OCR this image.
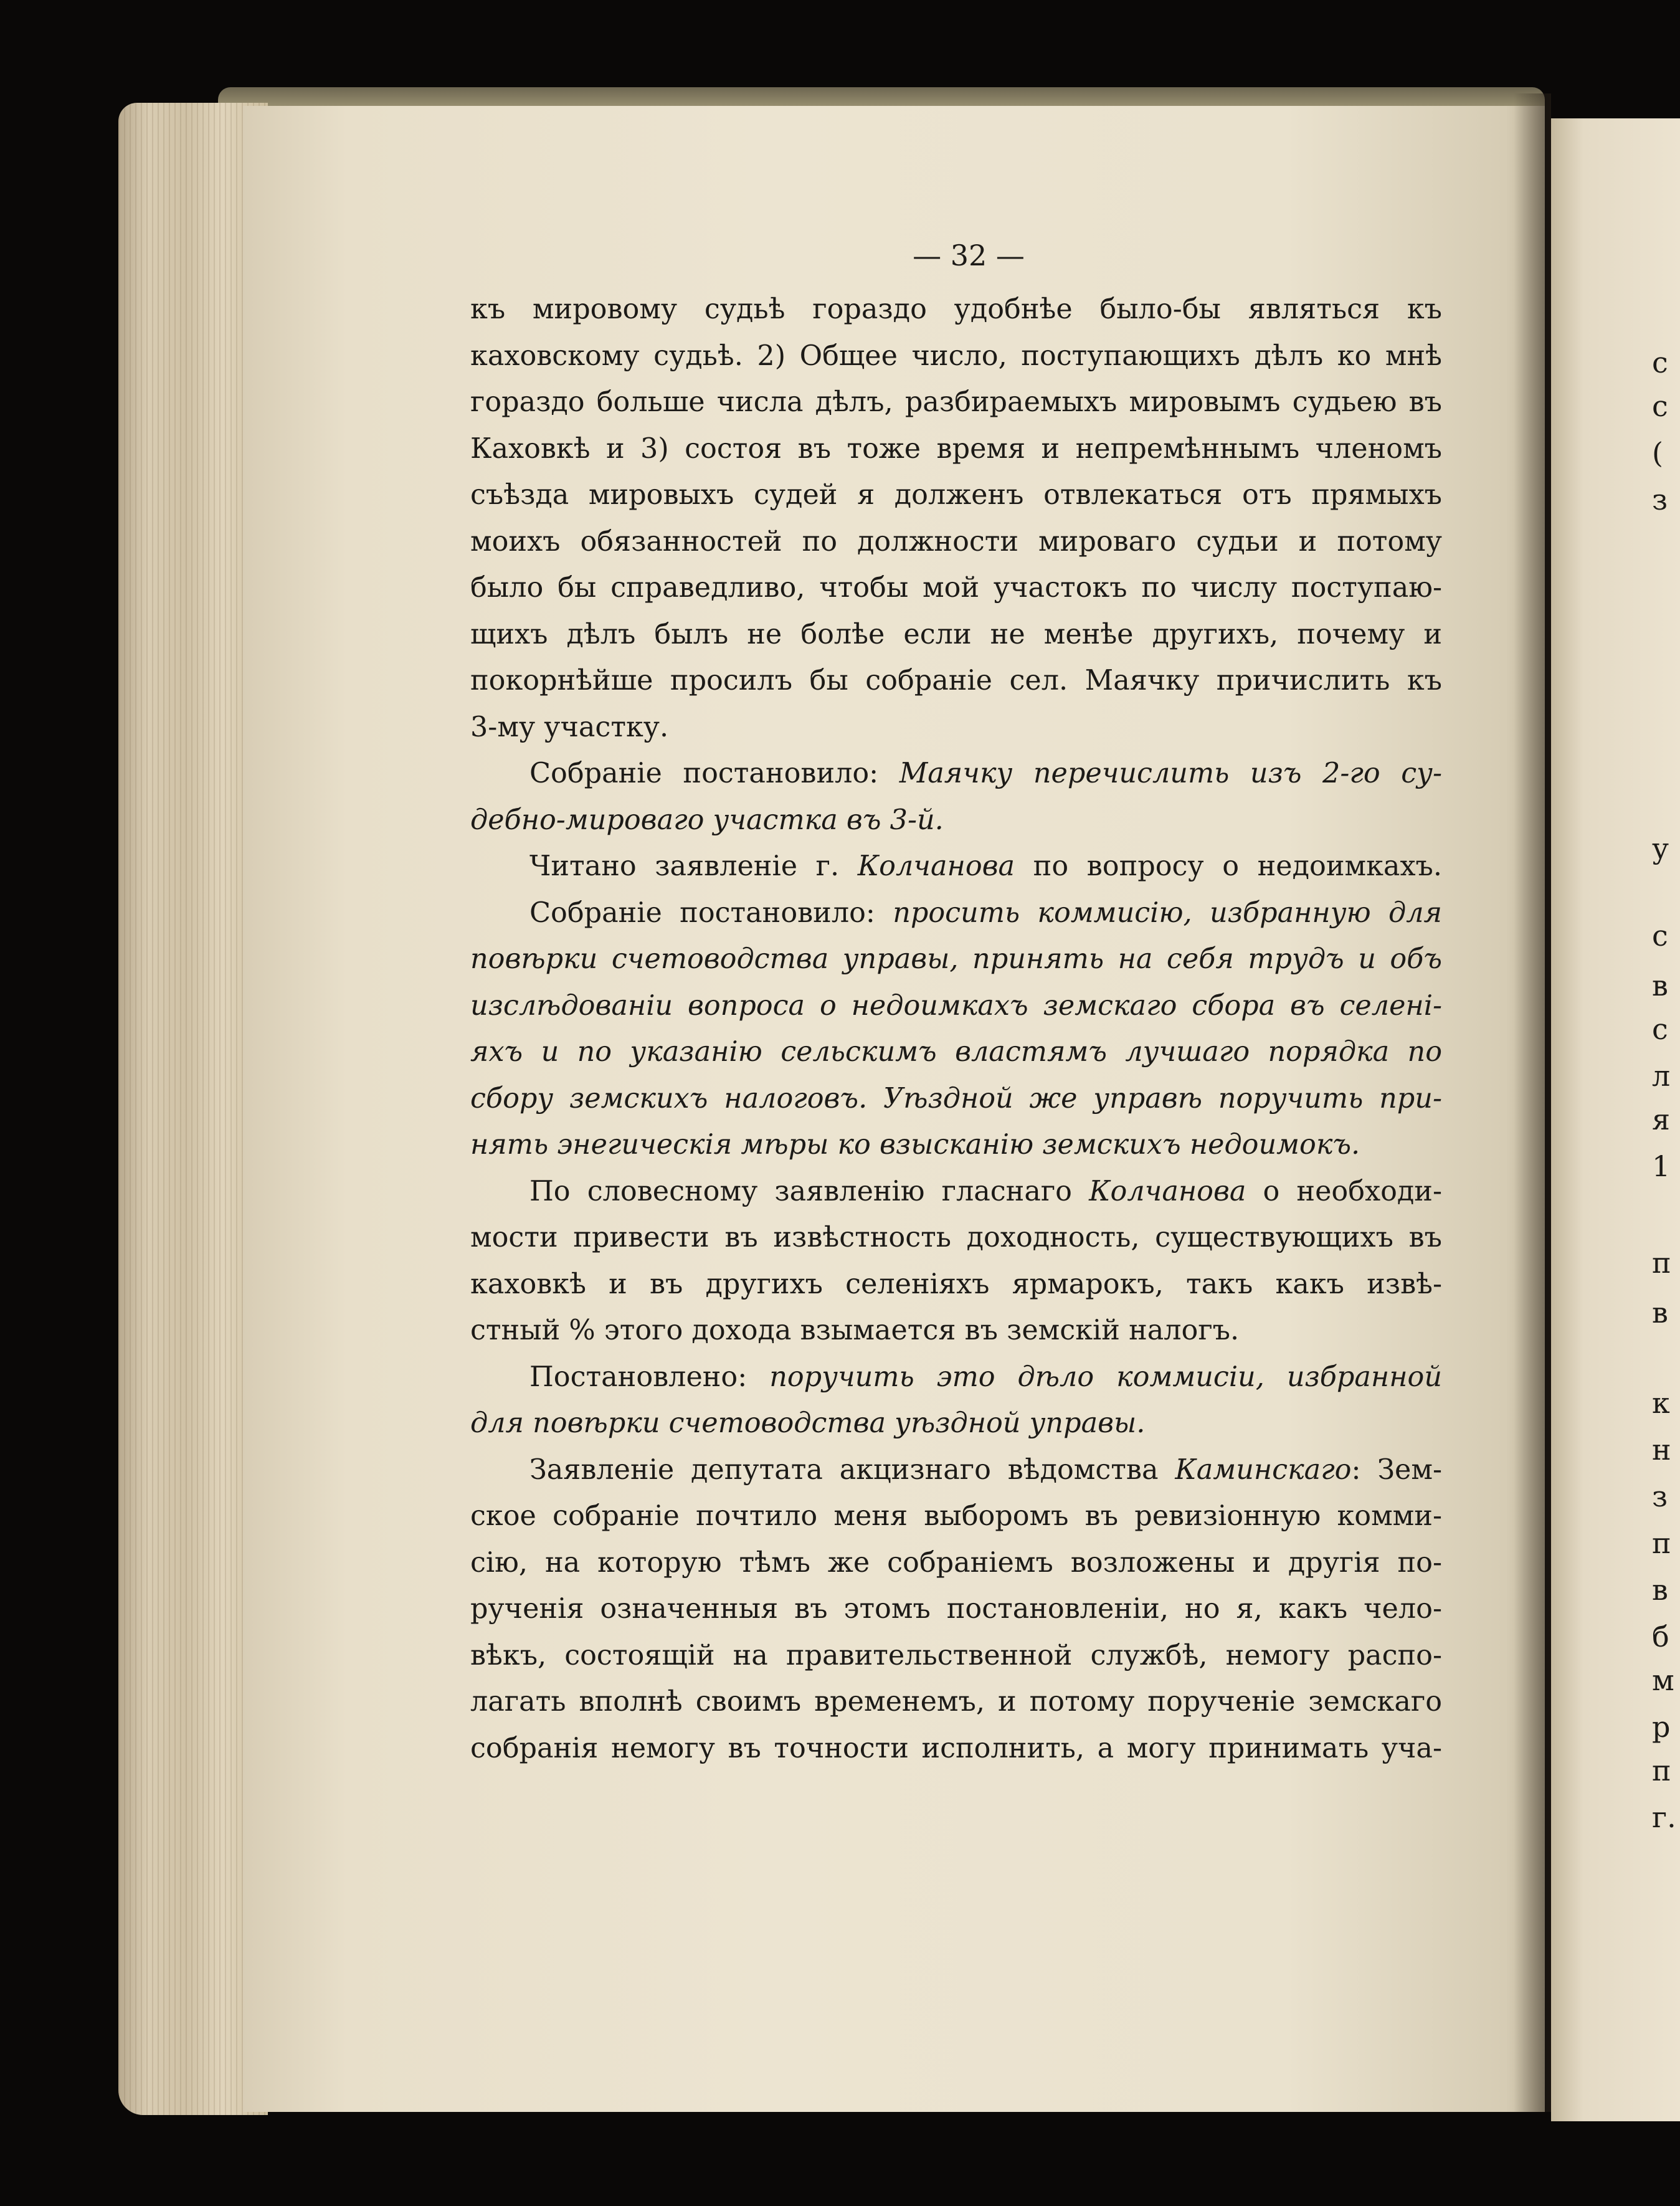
— 32 —
къ мировому судьѣ гораздо удобнѣе было-бы являться къ
каховскому судьѣ. 2) Общее число, поступающихъ дѣлъ ко мнѣ
гораздо больше числа дѣлъ, разбираемыхъ мировымъ судьею въ
Каховкѣ и 3) состоя въ тоже время и непремѣннымъ членомъ
съѣзда мировыхъ судей я долженъ отвлекаться отъ прямыхъ
моихъ обязанностей по должности мироваго судьи и потому
было бы справедливо, чтобы мой участокъ по числу поступаю-
щихъ дѣлъ былъ не болѣе если не менѣе другихъ, почему и
покорнѣйше просилъ бы собраніе сел. Маячку причислить къ
3-му участку.
Собраніе постановило: Маячку перечислить изъ 2-го су-
дебно-мироваго участка въ 3-й.
Читано заявленіе г. Колчанова по вопросу о недоимкахъ.
Собраніе постановило: просить коммисію, избранную для
повѣрки счетоводства управы, принять на себя трудъ и объ
изслѣдованіи вопроса о недоимкахъ земскаго сбора въ селені-
яхъ и по указанію сельскимъ властямъ лучшаго порядка по
сбору земскихъ налоговъ. Уѣздной же управѣ поручить при-
нять энегическія мѣры ко взысканію земскихъ недоимокъ.
По словесному заявленію гласнаго Колчанова о необходи-
мости привести въ извѣстность доходность, существующихъ въ
каховкѣ и въ другихъ селеніяхъ ярмарокъ, такъ какъ извѣ-
стный % этого дохода взымается въ земскій налогъ.
Постановлено: поручить это дѣло коммисіи, избранной
для повѣрки счетоводства уѣздной управы.
Заявленіе депутата акцизнаго вѣдомства Каминскаго: Зем-
ское собраніе почтило меня выборомъ въ ревизіонную комми-
сію, на которую тѣмъ же собраніемъ возложены и другія по-
рученія означенныя въ этомъ постановленіи, но я, какъ чело-
вѣкъ, состоящій на правительственной службѣ, немогу распо-
лагать вполнѣ своимъ временемъ, и потому порученіе земскаго
собранія немогу въ точности исполнить, а могу принимать уча-
с
с
(
з
у
с
в
с
л
я
1
п
в
к
н
з
п
в
б
м
р
п
г.
